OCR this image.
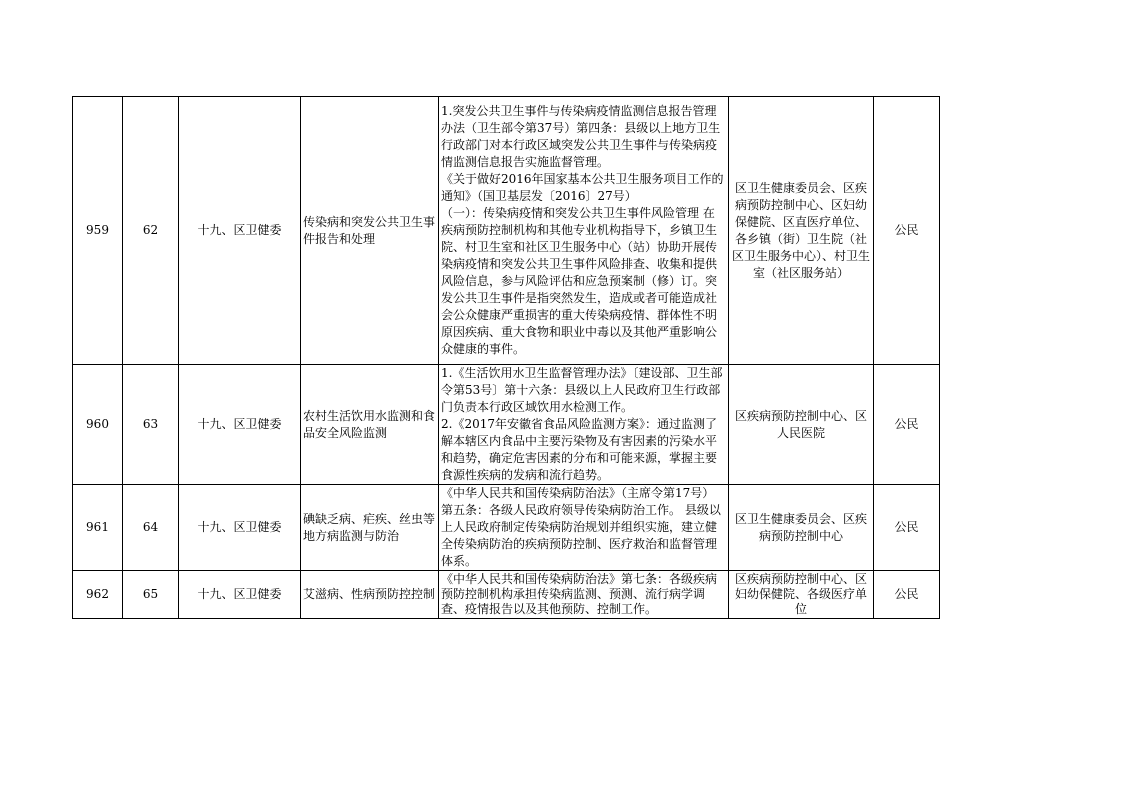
959	62	十九、区卫健委	传染病和突发公共卫生事件报告和处理	1.突发公共卫生事件与传染病疫情监测信息报告管理办法（卫生部令第37号）第四条：县级以上地方卫生行政部门对本行政区域突发公共卫生事件与传染病疫情监测信息报告实施监督管理。

《关于做好2016年国家基本公共卫生服务项目工作的通知》（国卫基层发〔2016〕27号）

（一）：传染病疫情和突发公共卫生事件风险管理 在疾病预防控制机构和其他专业机构指导下，乡镇卫生院、村卫生室和社区卫生服务中心（站）协助开展传染病疫情和突发公共卫生事件风险排查、收集和提供风险信息，参与风险评估和应急预案制（修）订。突发公共卫生事件是指突然发生，造成或者可能造成社会公众健康严重损害的重大传染病疫情、群体性不明原因疾病、重大食物和职业中毒以及其他严重影响公众健康的事件。	区卫生健康委员会、区疾病预防控制中心、区妇幼保健院、区直医疗单位、各乡镇（街）卫生院（社区卫生服务中心）、村卫生室（社区服务站）	公民
960	63	十九、区卫健委	农村生活饮用水监测和食品安全风险监测	1.《生活饮用水卫生监督管理办法》〔建设部、卫生部令第53号〕第十六条：县级以上人民政府卫生行政部门负责本行政区域饮用水检测工作。

2.《2017年安徽省食品风险监测方案》：通过监测了解本辖区内食品中主要污染物及有害因素的污染水平和趋势，确定危害因素的分布和可能来源，掌握主要食源性疾病的发病和流行趋势。	区疾病预防控制中心、区人民医院	公民
961	64	十九、区卫健委	碘缺乏病、疟疾、丝虫等地方病监测与防治	《中华人民共和国传染病防治法》（主席令第17号）第五条：各级人民政府领导传染病防治工作。 县级以上人民政府制定传染病防治规划并组织实施，建立健全传染病防治的疾病预防控制、医疗救治和监督管理体系。	区卫生健康委员会、区疾病预防控制中心	公民
962	65	十九、区卫健委	艾滋病、性病预防控控制	《中华人民共和国传染病防治法》第七条：各级疾病预防控制机构承担传染病监测、预测、流行病学调查、疫情报告以及其他预防、控制工作。	区疾病预防控制中心、区妇幼保健院、各级医疗单位	公民
